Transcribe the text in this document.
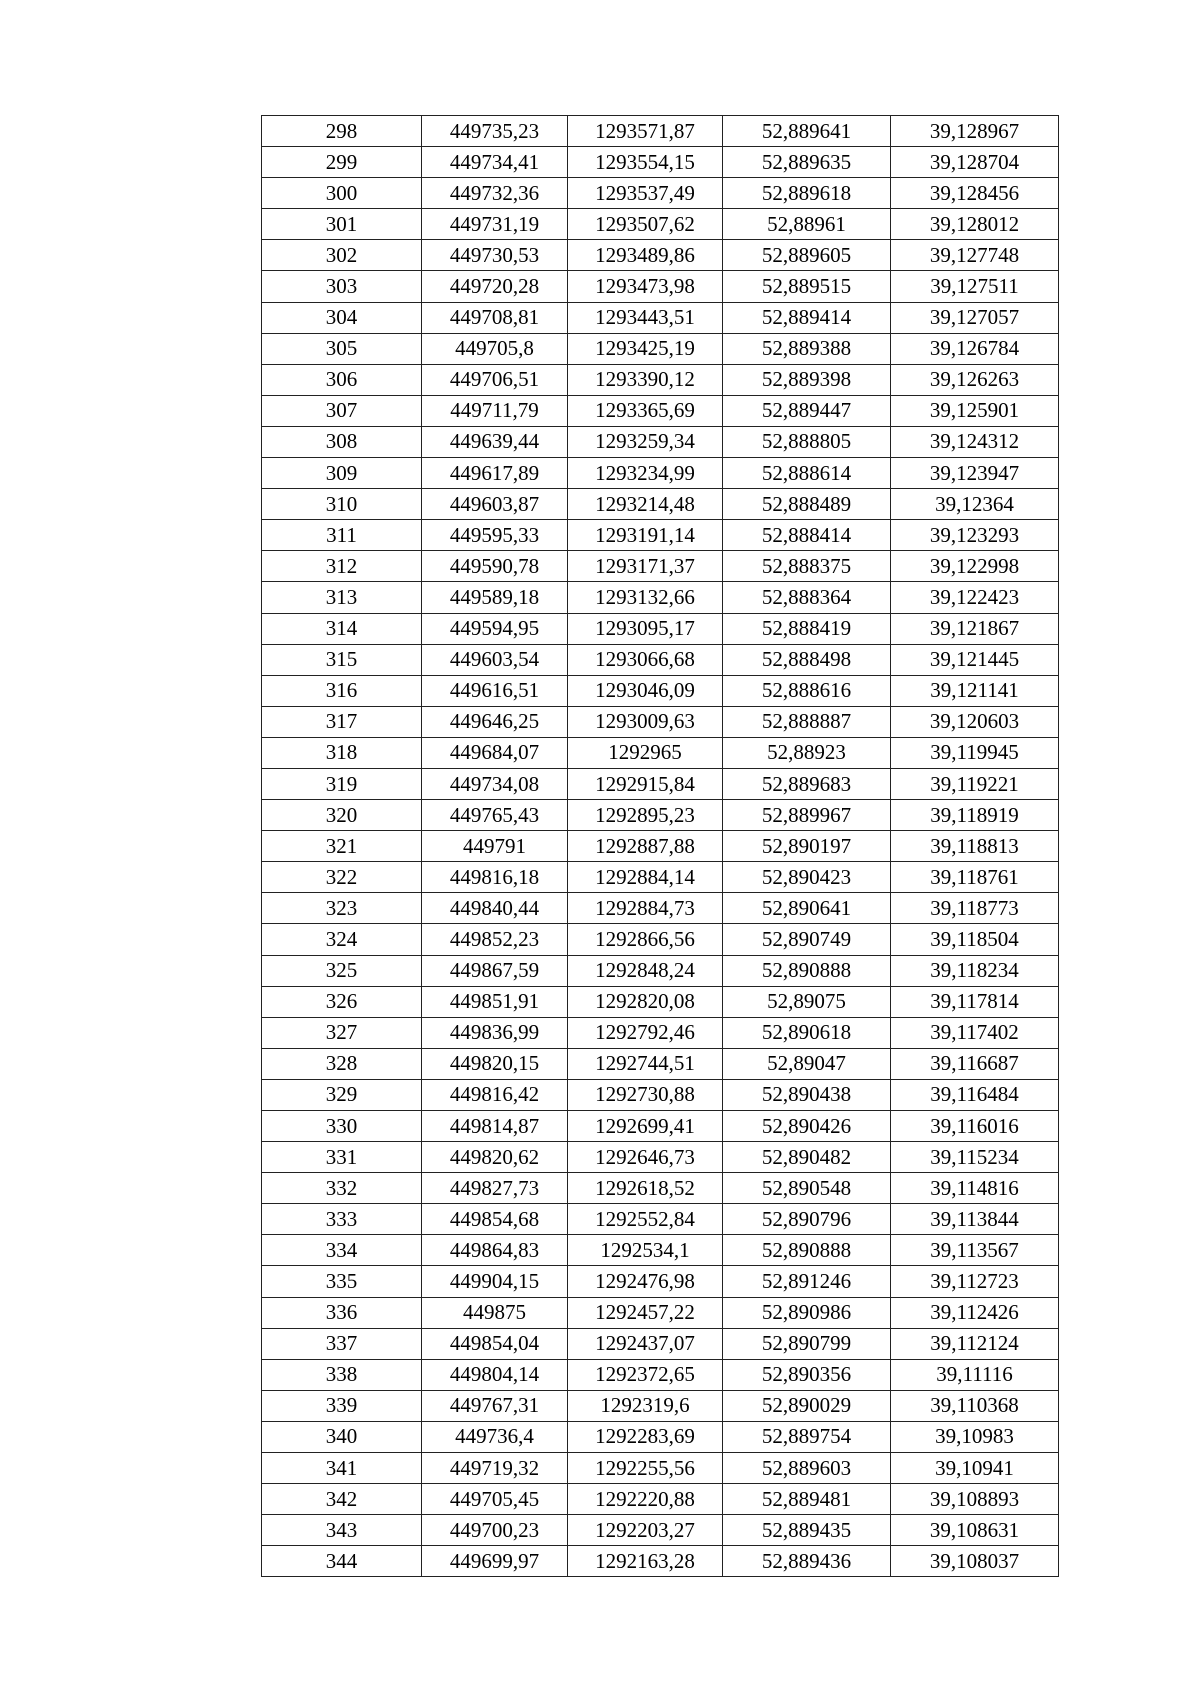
298	449735,23	1293571,87	52,889641	39,128967
299	449734,41	1293554,15	52,889635	39,128704
300	449732,36	1293537,49	52,889618	39,128456
301	449731,19	1293507,62	52,88961	39,128012
302	449730,53	1293489,86	52,889605	39,127748
303	449720,28	1293473,98	52,889515	39,127511
304	449708,81	1293443,51	52,889414	39,127057
305	449705,8	1293425,19	52,889388	39,126784
306	449706,51	1293390,12	52,889398	39,126263
307	449711,79	1293365,69	52,889447	39,125901
308	449639,44	1293259,34	52,888805	39,124312
309	449617,89	1293234,99	52,888614	39,123947
310	449603,87	1293214,48	52,888489	39,12364
311	449595,33	1293191,14	52,888414	39,123293
312	449590,78	1293171,37	52,888375	39,122998
313	449589,18	1293132,66	52,888364	39,122423
314	449594,95	1293095,17	52,888419	39,121867
315	449603,54	1293066,68	52,888498	39,121445
316	449616,51	1293046,09	52,888616	39,121141
317	449646,25	1293009,63	52,888887	39,120603
318	449684,07	1292965	52,88923	39,119945
319	449734,08	1292915,84	52,889683	39,119221
320	449765,43	1292895,23	52,889967	39,118919
321	449791	1292887,88	52,890197	39,118813
322	449816,18	1292884,14	52,890423	39,118761
323	449840,44	1292884,73	52,890641	39,118773
324	449852,23	1292866,56	52,890749	39,118504
325	449867,59	1292848,24	52,890888	39,118234
326	449851,91	1292820,08	52,89075	39,117814
327	449836,99	1292792,46	52,890618	39,117402
328	449820,15	1292744,51	52,89047	39,116687
329	449816,42	1292730,88	52,890438	39,116484
330	449814,87	1292699,41	52,890426	39,116016
331	449820,62	1292646,73	52,890482	39,115234
332	449827,73	1292618,52	52,890548	39,114816
333	449854,68	1292552,84	52,890796	39,113844
334	449864,83	1292534,1	52,890888	39,113567
335	449904,15	1292476,98	52,891246	39,112723
336	449875	1292457,22	52,890986	39,112426
337	449854,04	1292437,07	52,890799	39,112124
338	449804,14	1292372,65	52,890356	39,11116
339	449767,31	1292319,6	52,890029	39,110368
340	449736,4	1292283,69	52,889754	39,10983
341	449719,32	1292255,56	52,889603	39,10941
342	449705,45	1292220,88	52,889481	39,108893
343	449700,23	1292203,27	52,889435	39,108631
344	449699,97	1292163,28	52,889436	39,108037
